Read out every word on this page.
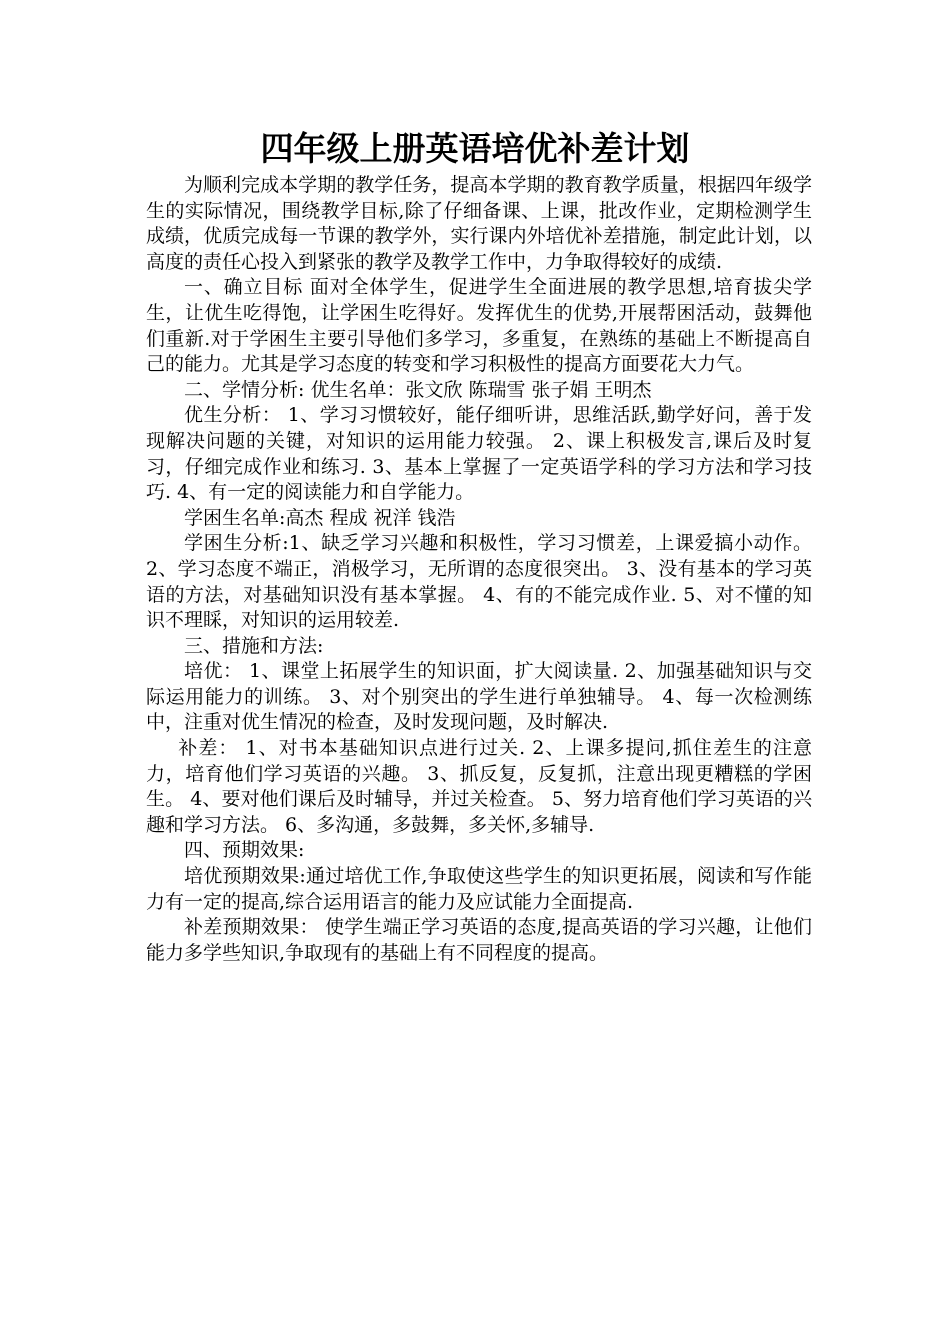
四年级上册英语培优补差计划

为顺利完成本学期的教学任务，提高本学期的教育教学质量，根据四年级学生的实际情况，围绕教学目标,除了仔细备课、上课，批改作业，定期检测学生成绩，优质完成每一节课的教学外，实行课内外培优补差措施，制定此计划，以高度的责任心投入到紧张的教学及教学工作中，力争取得较好的成绩.

一、确立目标 面对全体学生，促进学生全面进展的教学思想,培育拔尖学生，让优生吃得饱，让学困生吃得好。发挥优生的优势,开展帮困活动，鼓舞他们重新.对于学困生主要引导他们多学习，多重复，在熟练的基础上不断提高自己的能力。尤其是学习态度的转变和学习积极性的提高方面要花大力气。

二、学情分析: 优生名单：张文欣 陈瑞雪 张子娟 王明杰

优生分析： 1、学习习惯较好，能仔细听讲，思维活跃,勤学好问，善于发现解决问题的关键，对知识的运用能力较强。 2、课上积极发言,课后及时复习，仔细完成作业和练习. 3、基本上掌握了一定英语学科的学习方法和学习技巧. 4、有一定的阅读能力和自学能力。

学困生名单:高杰 程成 祝洋 钱浩

学困生分析:1、缺乏学习兴趣和积极性，学习习惯差，上课爱搞小动作。 2、学习态度不端正，消极学习，无所谓的态度很突出。 3、没有基本的学习英语的方法，对基础知识没有基本掌握。 4、有的不能完成作业. 5、对不懂的知识不理睬，对知识的运用较差.

三、措施和方法:

培优： 1、课堂上拓展学生的知识面，扩大阅读量. 2、加强基础知识与交际运用能力的训练。 3、对个别突出的学生进行单独辅导。 4、每一次检测练中，注重对优生情况的检查，及时发现问题，及时解决.

补差： 1、对书本基础知识点进行过关. 2、上课多提问,抓住差生的注意力，培育他们学习英语的兴趣。 3、抓反复，反复抓，注意出现更糟糕的学困生。 4、要对他们课后及时辅导，并过关检查。 5、努力培育他们学习英语的兴趣和学习方法。 6、多沟通，多鼓舞，多关怀,多辅导.

四、预期效果:

培优预期效果:通过培优工作,争取使这些学生的知识更拓展，阅读和写作能力有一定的提高,综合运用语言的能力及应试能力全面提高.

补差预期效果： 使学生端正学习英语的态度,提高英语的学习兴趣，让他们能力多学些知识,争取现有的基础上有不同程度的提高。
